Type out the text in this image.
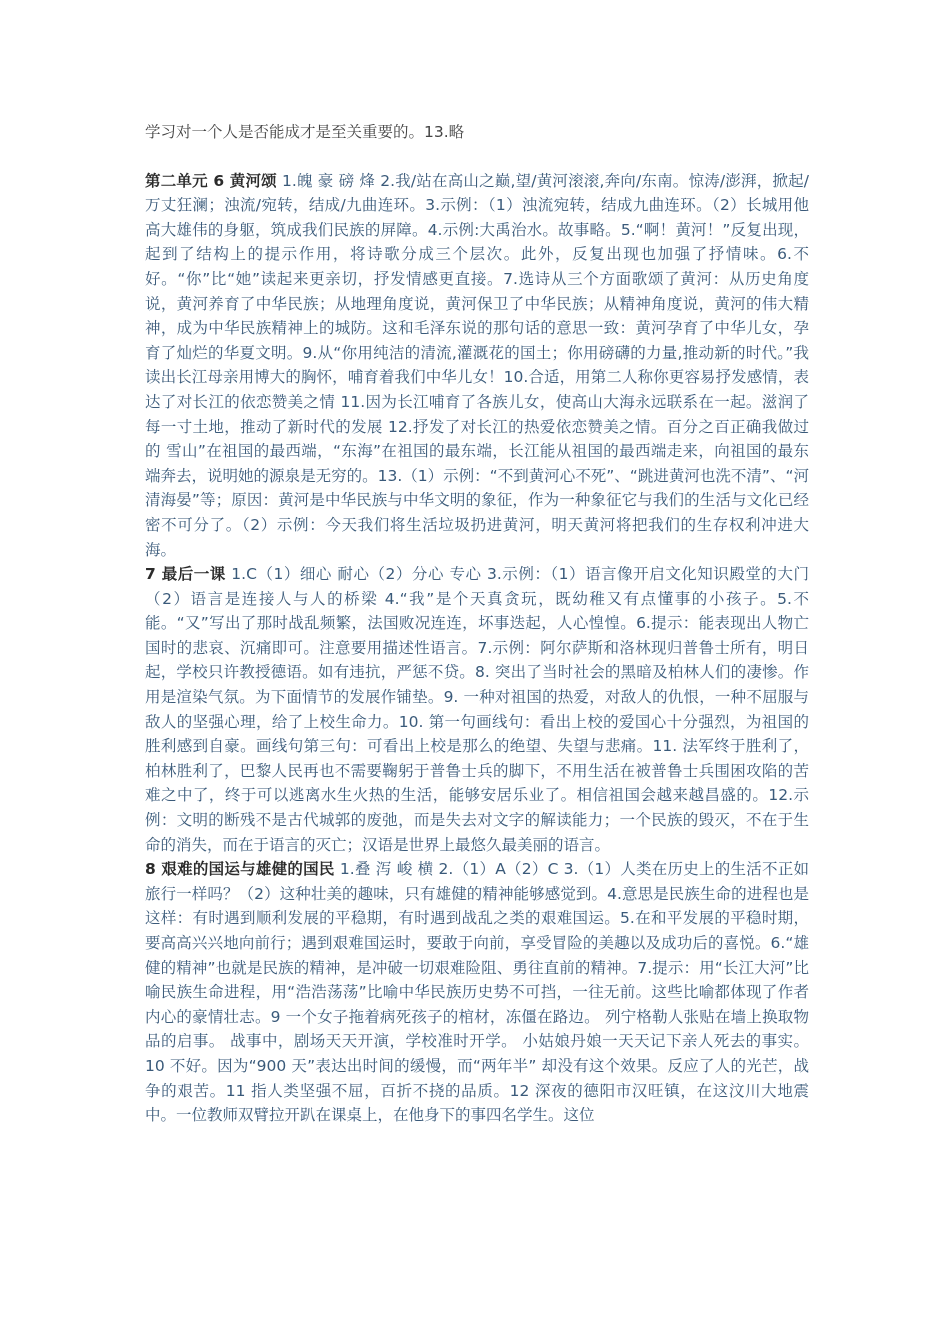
学习对一个人是否能成才是至关重要的。13.略

第二单元 6 黄河颂 1.魄 豪 磅 烽 2.我/站在高山之巅,望/黄河滚滚,奔向/东南。惊涛/澎湃，掀起/万丈狂澜；浊流/宛转，结成/九曲连环。3.示例：（1）浊流宛转，结成九曲连环。（2）长城用他高大雄伟的身躯，筑成我们民族的屏障。4.示例:大禹治水。故事略。5.“啊！黄河！”反复出现，起到了结构上的提示作用，将诗歌分成三个层次。此外，反复出现也加强了抒情味。6.不好。“你”比“她”读起来更亲切，抒发情感更直接。7.选诗从三个方面歌颂了黄河：从历史角度说，黄河养育了中华民族；从地理角度说，黄河保卫了中华民族；从精神角度说，黄河的伟大精神，成为中华民族精神上的城防。这和毛泽东说的那句话的意思一致：黄河孕育了中华儿女，孕育了灿烂的华夏文明。9.从“你用纯洁的清流,灌溉花的国土；你用磅礴的力量,推动新的时代。”我读出长江母亲用博大的胸怀，哺育着我们中华儿女！10.合适，用第二人称你更容易抒发感情，表达了对长江的依恋赞美之情 11.因为长江哺育了各族儿女，使高山大海永远联系在一起。滋润了每一寸土地，推动了新时代的发展 12.抒发了对长江的热爱依恋赞美之情。百分之百正确我做过的 雪山”在祖国的最西端，“东海”在祖国的最东端，长江能从祖国的最西端走来，向祖国的最东端奔去，说明她的源泉是无穷的。13.（1）示例：“不到黄河心不死”、“跳进黄河也洗不清”、“河清海晏”等；原因：黄河是中华民族与中华文明的象征，作为一种象征它与我们的生活与文化已经密不可分了。（2）示例：今天我们将生活垃圾扔进黄河，明天黄河将把我们的生存权利冲进大海。

7 最后一课 1.C（1）细心 耐心（2）分心 专心 3.示例：（1）语言像开启文化知识殿堂的大门（2）语言是连接人与人的桥梁 4.“我”是个天真贪玩，既幼稚又有点懂事的小孩子。5.不能。“又”写出了那时战乱频繁，法国败况连连，坏事迭起，人心惶惶。6.提示：能表现出人物亡国时的悲哀、沉痛即可。注意要用描述性语言。7.示例：阿尔萨斯和洛林现归普鲁士所有，明日起，学校只许教授德语。如有违抗，严惩不贷。8. 突出了当时社会的黑暗及柏林人们的凄惨。作用是渲染气氛。为下面情节的发展作铺垫。9. 一种对祖国的热爱，对敌人的仇恨，一种不屈服与敌人的坚强心理，给了上校生命力。10. 第一句画线句：看出上校的爱国心十分强烈，为祖国的胜利感到自豪。画线句第三句：可看出上校是那么的绝望、失望与悲痛。11. 法军终于胜利了，柏林胜利了，巴黎人民再也不需要鞠躬于普鲁士兵的脚下，不用生活在被普鲁士兵围困攻陷的苦难之中了，终于可以逃离水生火热的生活，能够安居乐业了。相信祖国会越来越昌盛的。12.示例：文明的断残不是古代城郭的废弛，而是失去对文字的解读能力；一个民族的毁灭，不在于生命的消失，而在于语言的灭亡；汉语是世界上最悠久最美丽的语言。

8 艰难的国运与雄健的国民 1.叠 泻 峻 横 2.（1）A（2）C 3.（1）人类在历史上的生活不正如旅行一样吗？（2）这种壮美的趣味，只有雄健的精神能够感觉到。4.意思是民族生命的进程也是这样：有时遇到顺利发展的平稳期，有时遇到战乱之类的艰难国运。5.在和平发展的平稳时期，要高高兴兴地向前行；遇到艰难国运时，要敢于向前，享受冒险的美趣以及成功后的喜悦。6.“雄健的精神”也就是民族的精神，是冲破一切艰难险阻、勇往直前的精神。7.提示：用“长江大河”比喻民族生命进程，用“浩浩荡荡”比喻中华民族历史势不可挡，一往无前。这些比喻都体现了作者内心的豪情壮志。9 一个女子拖着病死孩子的棺材，冻僵在路边。 列宁格勒人张贴在墙上换取物品的启事。 战事中，剧场天天开演，学校准时开学。 小姑娘丹娘一天天记下亲人死去的事实。 10 不好。因为“900 天”表达出时间的缓慢，而“两年半” 却没有这个效果。反应了人的光芒，战争的艰苦。11 指人类坚强不屈，百折不挠的品质。12 深夜的德阳市汉旺镇，在这汶川大地震中。一位教师双臂拉开趴在课桌上，在他身下的事四名学生。这位
